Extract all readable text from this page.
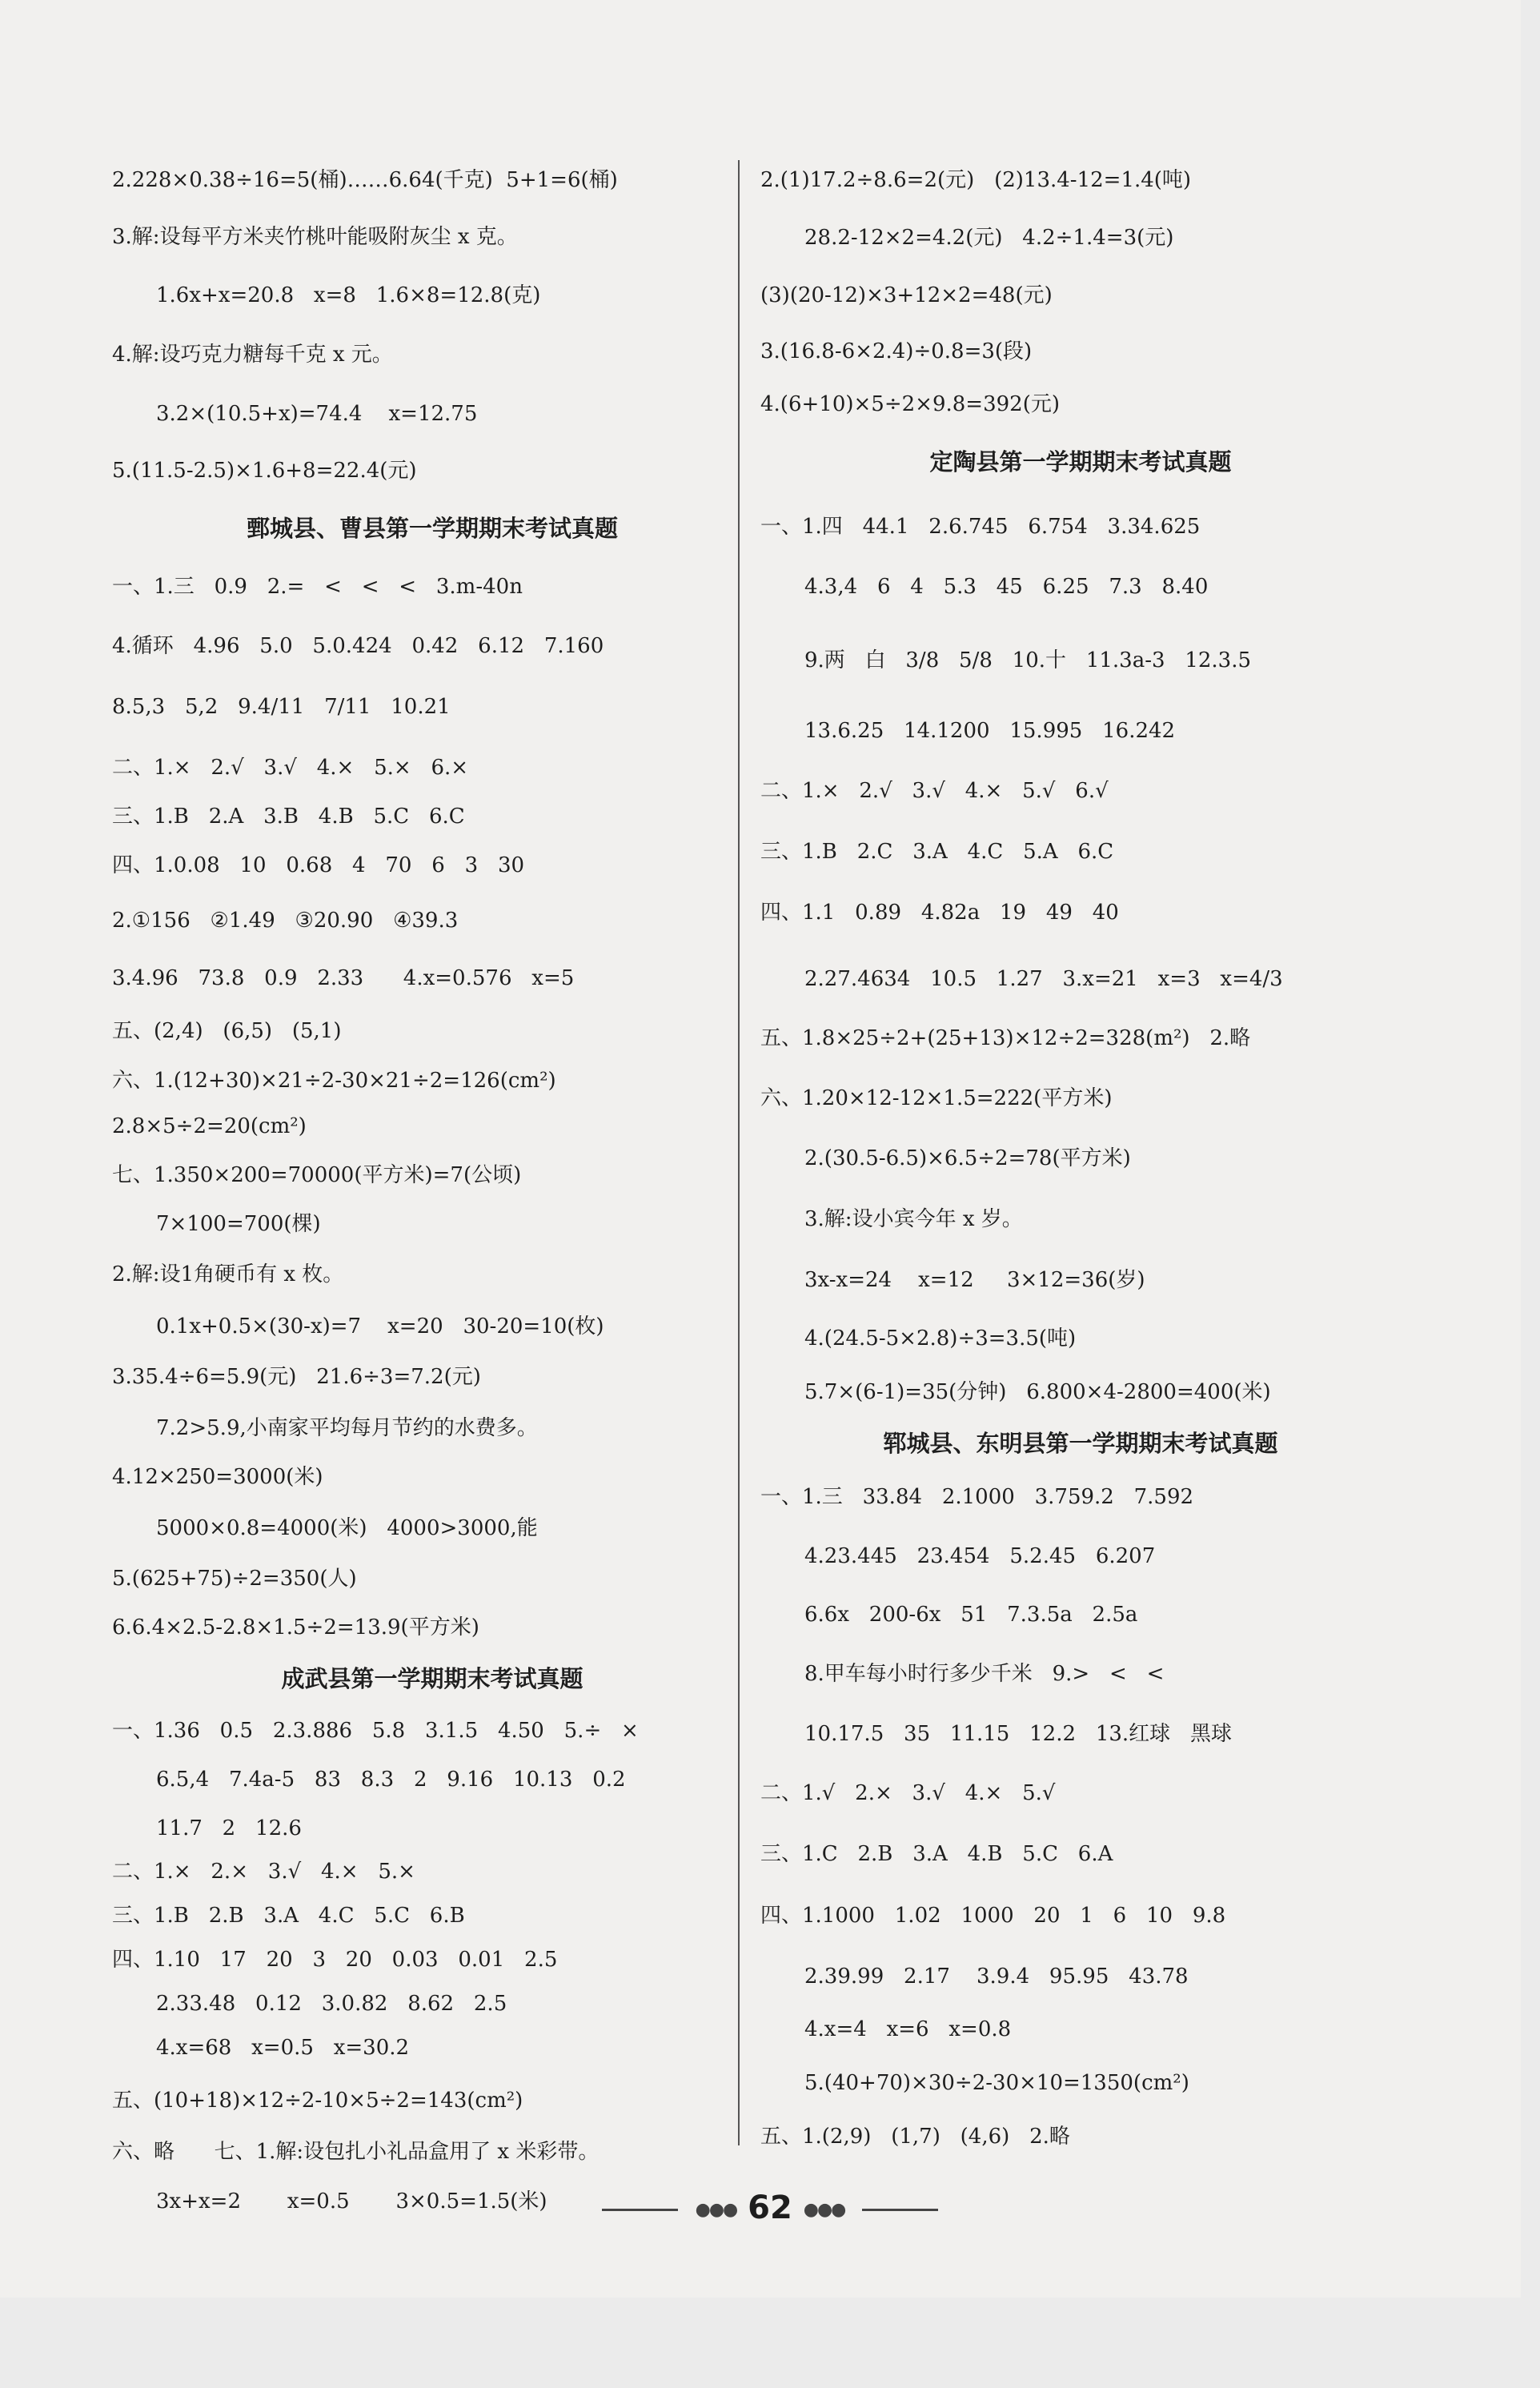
2.228×0.38÷16=5(桶)……6.64(千克)  5+1=6(桶)
3.解:设每平方米夹竹桃叶能吸附灰尘 x 克。
1.6x+x=20.8   x=8   1.6×8=12.8(克)
4.解:设巧克力糖每千克 x 元。
3.2×(10.5+x)=74.4    x=12.75
5.(11.5-2.5)×1.6+8=22.4(元)
鄄城县、曹县第一学期期末考试真题
一、1.三   0.9   2.=   <   <   <   3.m-40n
4.循环   4.96   5.0   5.0.424   0.42   6.12   7.160
8.5,3   5,2   9.4/11   7/11   10.21
二、1.×   2.√   3.√   4.×   5.×   6.×
三、1.B   2.A   3.B   4.B   5.C   6.C
四、1.0.08   10   0.68   4   70   6   3   30
2.①156   ②1.49   ③20.90   ④39.3
3.4.96   73.8   0.9   2.33      4.x=0.576   x=5
五、(2,4)   (6,5)   (5,1)
六、1.(12+30)×21÷2-30×21÷2=126(cm²)
2.8×5÷2=20(cm²)
七、1.350×200=70000(平方米)=7(公顷)
7×100=700(棵)
2.解:设1角硬币有 x 枚。
0.1x+0.5×(30-x)=7    x=20   30-20=10(枚)
3.35.4÷6=5.9(元)   21.6÷3=7.2(元)
7.2>5.9,小南家平均每月节约的水费多。
4.12×250=3000(米)
5000×0.8=4000(米)   4000>3000,能
5.(625+75)÷2=350(人)
6.6.4×2.5-2.8×1.5÷2=13.9(平方米)
成武县第一学期期末考试真题
一、1.36   0.5   2.3.886   5.8   3.1.5   4.50   5.÷   ×
6.5,4   7.4a-5   83   8.3   2   9.16   10.13   0.2
11.7   2   12.6
二、1.×   2.×   3.√   4.×   5.×
三、1.B   2.B   3.A   4.C   5.C   6.B
四、1.10   17   20   3   20   0.03   0.01   2.5
2.33.48   0.12   3.0.82   8.62   2.5
4.x=68   x=0.5   x=30.2
五、(10+18)×12÷2-10×5÷2=143(cm²)
六、略      七、1.解:设包扎小礼品盒用了 x 米彩带。
3x+x=2       x=0.5       3×0.5=1.5(米)
2.(1)17.2÷8.6=2(元)   (2)13.4-12=1.4(吨)
28.2-12×2=4.2(元)   4.2÷1.4=3(元)
(3)(20-12)×3+12×2=48(元)
3.(16.8-6×2.4)÷0.8=3(段)
4.(6+10)×5÷2×9.8=392(元)
定陶县第一学期期末考试真题
一、1.四   44.1   2.6.745   6.754   3.34.625
4.3,4   6   4   5.3   45   6.25   7.3   8.40
9.两   白   3/8   5/8   10.十   11.3a-3   12.3.5
13.6.25   14.1200   15.995   16.242
二、1.×   2.√   3.√   4.×   5.√   6.√
三、1.B   2.C   3.A   4.C   5.A   6.C
四、1.1   0.89   4.82a   19   49   40
2.27.4634   10.5   1.27   3.x=21   x=3   x=4/3
五、1.8×25÷2+(25+13)×12÷2=328(m²)   2.略
六、1.20×12-12×1.5=222(平方米)
2.(30.5-6.5)×6.5÷2=78(平方米)
3.解:设小宾今年 x 岁。
3x-x=24    x=12     3×12=36(岁)
4.(24.5-5×2.8)÷3=3.5(吨)
5.7×(6-1)=35(分钟)   6.800×4-2800=400(米)
郓城县、东明县第一学期期末考试真题
一、1.三   33.84   2.1000   3.759.2   7.592
4.23.445   23.454   5.2.45   6.207
6.6x   200-6x   51   7.3.5a   2.5a
8.甲车每小时行多少千米   9.>   <   <
10.17.5   35   11.15   12.2   13.红球   黑球
二、1.√   2.×   3.√   4.×   5.√
三、1.C   2.B   3.A   4.B   5.C   6.A
四、1.1000   1.02   1000   20   1   6   10   9.8
2.39.99   2.17    3.9.4   95.95   43.78
4.x=4   x=6   x=0.8
5.(40+70)×30÷2-30×10=1350(cm²)
五、1.(2,9)   (1,7)   (4,6)   2.略
●●● 62 ●●●
